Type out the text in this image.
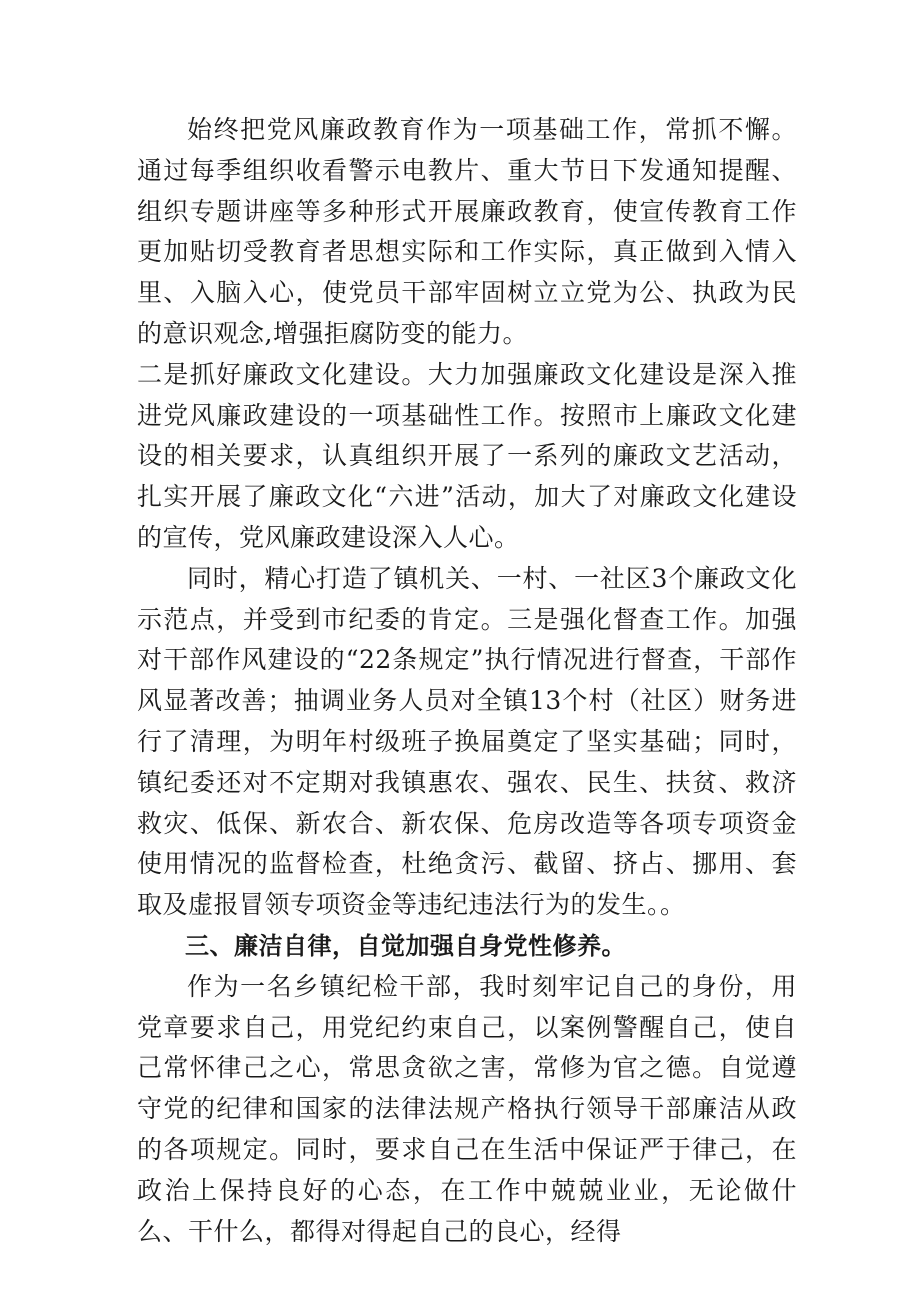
始终把党风廉政教育作为一项基础工作，常抓不懈。通过每季组织收看警示电教片、重大节日下发通知提醒、组织专题讲座等多种形式开展廉政教育，使宣传教育工作更加贴切受教育者思想实际和工作实际，真正做到入情入里、入脑入心，使党员干部牢固树立立党为公、执政为民的意识观念,增强拒腐防变的能力。

二是抓好廉政文化建设。大力加强廉政文化建设是深入推进党风廉政建设的一项基础性工作。按照市上廉政文化建设的相关要求，认真组织开展了一系列的廉政文艺活动，扎实开展了廉政文化“六进”活动，加大了对廉政文化建设的宣传，党风廉政建设深入人心。

同时，精心打造了镇机关、一村、一社区3个廉政文化示范点，并受到市纪委的肯定。三是强化督查工作。加强对干部作风建设的“22条规定”执行情况进行督查，干部作风显著改善；抽调业务人员对全镇13个村（社区）财务进行了清理，为明年村级班子换届奠定了坚实基础；同时，镇纪委还对不定期对我镇惠农、强农、民生、扶贫、救济救灾、低保、新农合、新农保、危房改造等各项专项资金使用情况的监督检查，杜绝贪污、截留、挤占、挪用、套取及虚报冒领专项资金等违纪违法行为的发生。。

三、廉洁自律，自觉加强自身党性修养。

作为一名乡镇纪检干部，我时刻牢记自己的身份，用党章要求自己，用党纪约束自己，以案例警醒自己，使自己常怀律己之心，常思贪欲之害，常修为官之德。自觉遵守党的纪律和国家的法律法规产格执行领导干部廉洁从政的各项规定。同时，要求自己在生活中保证严于律己，在政治上保持良好的心态，在工作中兢兢业业，无论做什么、干什么，都得对得起自己的良心，经得
